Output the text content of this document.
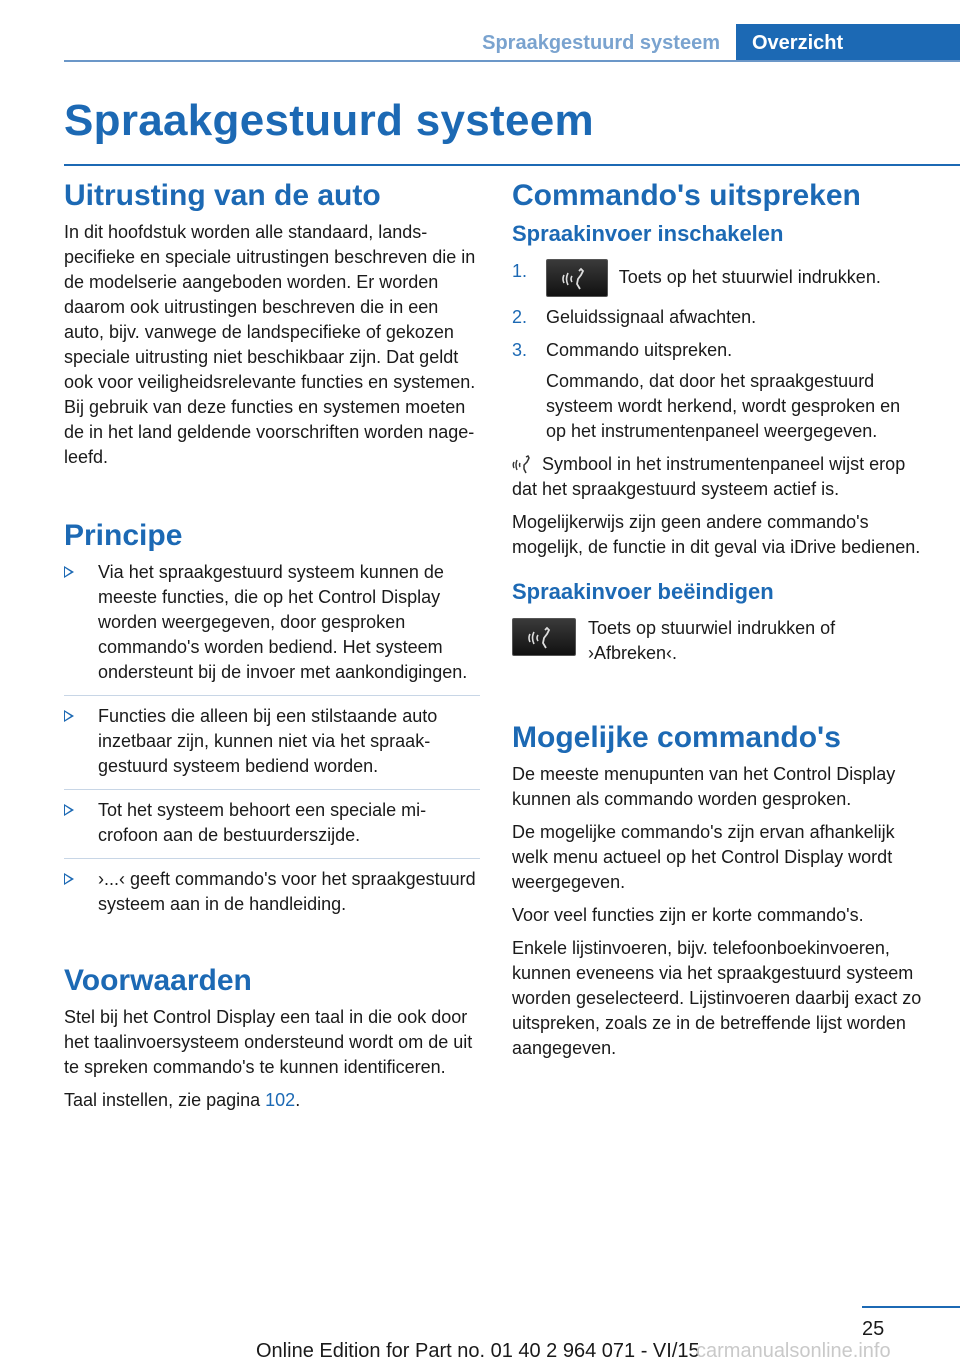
Spraakgestuurd systeem	Overzicht
Spraakgestuurd systeem
Uitrusting van de auto

In dit hoofdstuk worden alle standaard, landspecifieke en speciale uitrustingen beschreven die in de modelserie aangeboden worden. Er worden daarom ook uitrustingen beschreven die in een auto, bijv. vanwege de landspecifieke of gekozen speciale uitrusting niet beschikbaar zijn. Dat geldt ook voor veiligheidsrelevante functies en systemen. Bij gebruik van deze functies en systemen moeten de in het land geldende voorschriften worden nageleefd.

Principe
Via het spraakgestuurd systeem kunnen de meeste functies, die op het Control Display worden weergegeven, door gesproken commando's worden bediend. Het systeem ondersteunt bij de invoer met aankondigingen.
Functies die alleen bij een stilstaande auto inzetbaar zijn, kunnen niet via het spraakgestuurd systeem bediend worden.
Tot het systeem behoort een speciale microfoon aan de bestuurderszijde.
›...‹ geeft commando's voor het spraakgestuurd systeem aan in de handleiding.
Voorwaarden

Stel bij het Control Display een taal in die ook door het taalinvoersysteem ondersteund wordt om de uit te spreken commando's te kunnen identificeren.

Taal instellen, zie pagina 102.

Commando's uitspreken
Spraakinvoer inschakelen
1.	Toets op het stuurwiel indrukken.
2. Geluidssignaal afwachten.
3. Commando uitspreken.
Commando, dat door het spraakgestuurd systeem wordt herkend, wordt gesproken en op het instrumentenpaneel weergegeven.

Symbool in het instrumentenpaneel wijst erop dat het spraakgestuurd systeem actief is.

Mogelijkerwijs zijn geen andere commando's mogelijk, de functie in dit geval via iDrive bedienen.

Spraakinvoer beëindigen

Toets op stuurwiel indrukken of ›Afbreken‹.

Mogelijke commando's

De meeste menupunten van het Control Display kunnen als commando worden gesproken.

De mogelijke commando's zijn ervan afhankelijk welk menu actueel op het Control Display wordt weergegeven.

Voor veel functies zijn er korte commando's.

Enkele lijstinvoeren, bijv. telefoonboekinvoeren, kunnen eveneens via het spraakgestuurd systeem worden geselecteerd. Lijstinvoeren daarbij exact zo uitspreken, zoals ze in de betreffende lijst worden aangegeven.

25
Online Edition for Part no. 01 40 2 964 071 - VI/15
carmanualsonline.info
